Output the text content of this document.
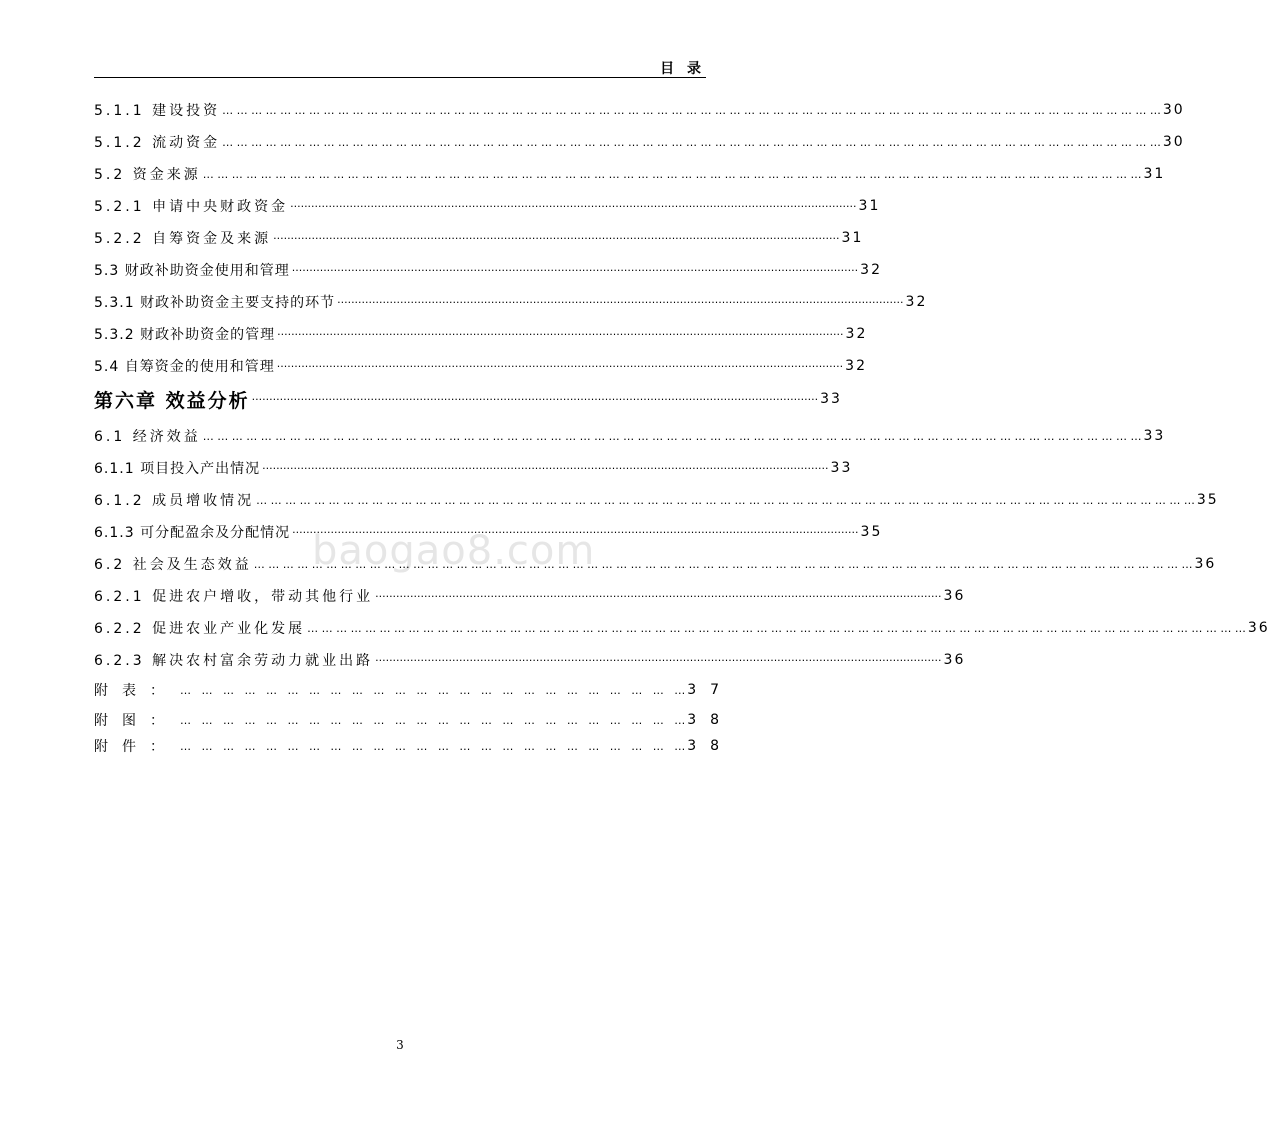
目 录
baogao8.com
5.1.1 建设投资 … … … … … … … … … … … … … … … … … … … … … … … … … … … … … … … … … … … … … … … … … … … … … … … … … … … … … … … … … … … … … … … … …	30
5.1.2 流动资金 … … … … … … … … … … … … … … … … … … … … … … … … … … … … … … … … … … … … … … … … … … … … … … … … … … … … … … … … … … … … … … … … …	30
5.2 资金来源 … … … … … … … … … … … … … … … … … … … … … … … … … … … … … … … … … … … … … … … … … … … … … … … … … … … … … … … … … … … … … … … … …	31
5.2.1 申请中央财政资金 ·····	31
5.2.2 自筹资金及来源 ·····	31
5.3 财政补助资金使用和管理 ·····	32
5.3.1 财政补助资金主要支持的环节 ·····	32
5.3.2 财政补助资金的管理 ·····	32
5.4 自筹资金的使用和管理 ·····	32
第六章 效益分析 ·····	33
6.1 经济效益 … … … … … … … … … … … … … … … … … … … … … … … … … … … … … … … … … … … … … … … … … … … … … … … … … … … … … … … … … … … … … … … … …	33
6.1.1 项目投入产出情况 ·····	33
6.1.2 成员增收情况 … … … … … … … … … … … … … … … … … … … … … … … … … … … … … … … … … … … … … … … … … … … … … … … … … … … … … … … … … … … … … … … … …	35
6.1.3 可分配盈余及分配情况 ·····	35
6.2 社会及生态效益 … … … … … … … … … … … … … … … … … … … … … … … … … … … … … … … … … … … … … … … … … … … … … … … … … … … … … … … … … … … … … … … … …	36
6.2.1 促进农户增收，带动其他行业 ·····	36
6.2.2 促进农业产业化发展 … … … … … … … … … … … … … … … … … … … … … … … … … … … … … … … … … … … … … … … … … … … … … … … … … … … … … … … … … … … … … … … … …	36
6.2.3 解决农村富余劳动力就业出路 ·····	36
附表： … … … … … … … … … … … … … … … … … … … … … … … …	37
附图： … … … … … … … … … … … … … … … … … … … … … … … …	38
附件： … … … … … … … … … … … … … … … … … … … … … … … …	38
3
